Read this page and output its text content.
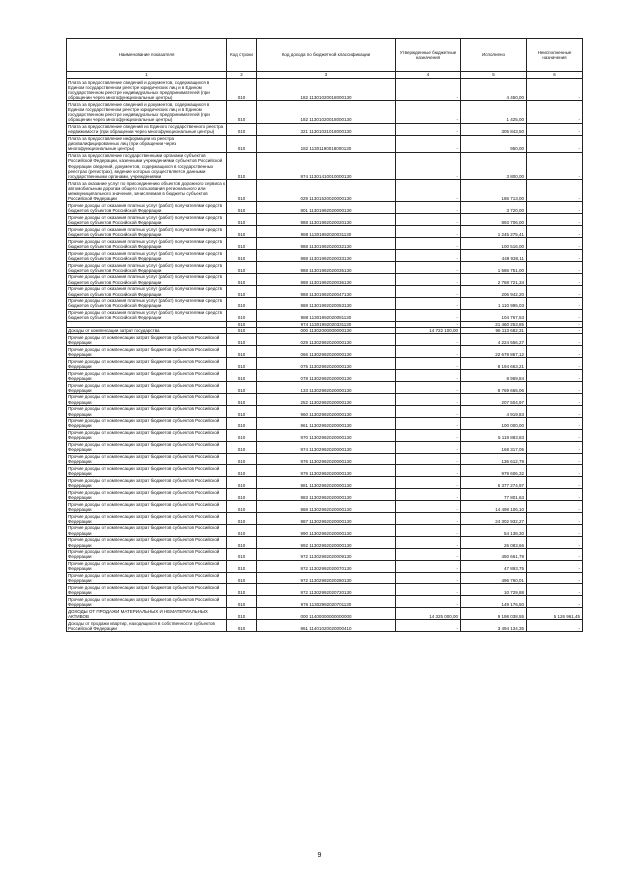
Наименование показателя	Код строки	Код дохода по бюджетной классификации	Утвержденные бюджетные назначения	Исполнено	Неисполненные назначения
1	2	3	4	5	6
Плата за предоставление сведений и документов, содержащихся в Едином государственном реестре юридических лиц и в Едином государственном реестре индивидуальных предпринимателей (при обращении через многофункциональные центры)	010	182 11301020018000130	-	4 450,00	-
Плата за предоставление сведений и документов, содержащихся в Едином государственном реестре юридических лиц и в Едином государственном реестре индивидуальных предпринимателей (при обращении через многофункциональные центры)	010	182 11301020018000130	-	1 425,00	-
Плата за предоставление сведений из Единого государственного реестра недвижимости (при обращении через многофункциональные центры)	010	321 11301031018000130	-	305 843,50	-
Плата за предоставление информации из реестра дисквалифицированных лиц (при обращении через многофункциональные центры)	010	182 11301190018000130	-	950,00	-
Плата за предоставление государственными органами субъектов Российской Федерации, казенными учреждениями субъектов Российской Федерации сведений, документов, содержащихся в государственных реестрах (регистрах), ведение которых осуществляется данными государственными органами, учреждениями	010	974 11301410010000130	-	3 800,00	-
Плата за оказание услуг по присоединению объектов дорожного сервиса к автомобильным дорогам общего пользования регионального или межмуниципального значения, зачисляемая в бюджеты субъектов Российской Федерации	010	029 11301520020000130	-	186 713,00	-
Прочие доходы от оказания платных услуг (работ) получателями средств бюджетов субъектов Российской Федерации	010	801 11301992020000130	-	3 720,00	-
Прочие доходы от оказания платных услуг (работ) получателями средств бюджетов субъектов Российской Федерации	010	988 11301992020020130	-	893 706,00	-
Прочие доходы от оказания платных услуг (работ) получателями средств бюджетов субъектов Российской Федерации	010	988 11301992020031130	-	1 245 275,41	-
Прочие доходы от оказания платных услуг (работ) получателями средств бюджетов субъектов Российской Федерации	010	988 11301992020032130	-	100 516,00	-
Прочие доходы от оказания платных услуг (работ) получателями средств бюджетов субъектов Российской Федерации	010	988 11301992020033130	-	448 938,11	-
Прочие доходы от оказания платных услуг (работ) получателями средств бюджетов субъектов Российской Федерации	010	988 11301992020035130	-	1 586 751,00	-
Прочие доходы от оказания платных услуг (работ) получателями средств бюджетов субъектов Российской Федерации	010	988 11301992020036130	-	2 768 721,34	-
Прочие доходы от оказания платных услуг (работ) получателями средств бюджетов субъектов Российской Федерации	010	988 11301992020047130	-	206 942,20	-
Прочие доходы от оказания платных услуг (работ) получателями средств бюджетов субъектов Российской Федерации	010	988 11301992020053130	-	1 110 995,03	-
Прочие доходы от оказания платных услуг (работ) получателями средств бюджетов субъектов Российской Федерации	010	988 11301992020081130	-	104 767,53	-
	010	974 11301992020331130	-	21 460 253,85	-
Доходы от компенсации затрат государства	010	000 11302000000000130	14 722 100,00	96 113 682,31	-
Прочие доходы от компенсации затрат бюджетов субъектов Российской Федерации	010	029 11302992020000130	-	4 224 556,27	-
Прочие доходы от компенсации затрат бюджетов субъектов Российской Федерации	010	066 11302992020000130	-	22 679 867,12	-
Прочие доходы от компенсации затрат бюджетов субъектов Российской Федерации	010	075 11302992020000130	-	8 194 663,21	-
Прочие доходы от компенсации затрат бюджетов субъектов Российской Федерации	010	078 11302992020000130	-	8 969,84	-
Прочие доходы от компенсации затрат бюджетов субъектов Российской Федерации	010	133 11302992020000130	-	8 769 665,06	-
Прочие доходы от компенсации затрат бюджетов субъектов Российской Федерации	010	252 11302992020000130	-	207 504,97	-
Прочие доходы от компенсации затрат бюджетов субъектов Российской Федерации	010	960 11302992020000130	-	4 919,83	-
Прочие доходы от компенсации затрат бюджетов субъектов Российской Федерации	010	961 11302992020000130	-	100 000,00	-
Прочие доходы от компенсации затрат бюджетов субъектов Российской Федерации	010	970 11302992020000130	-	5 119 883,83	-
Прочие доходы от компенсации затрат бюджетов субъектов Российской Федерации	010	974 11302992020000130	-	168 317,05	-
Прочие доходы от компенсации затрат бюджетов субъектов Российской Федерации	010	976 11302992020000130	-	136 612,79	-
Прочие доходы от компенсации затрат бюджетов субъектов Российской Федерации	010	979 11302992020000130	-	979 606,32	-
Прочие доходы от компенсации затрат бюджетов субъектов Российской Федерации	010	981 11302992020000130	-	5 377 274,97	-
Прочие доходы от компенсации затрат бюджетов субъектов Российской Федерации	010	983 11302992020000130	-	77 801,63	-
Прочие доходы от компенсации затрат бюджетов субъектов Российской Федерации	010	988 11302992020000130	-	14 498 106,10	-
Прочие доходы от компенсации затрат бюджетов субъектов Российской Федерации	010	987 11302992020000130	-	24 302 932,27	-
Прочие доходы от компенсации затрат бюджетов субъектов Российской Федерации	010	990 11302992020000130	-	54 138,30	-
Прочие доходы от компенсации затрат бюджетов субъектов Российской Федерации	010	992 11302992020000130	-	26 083,66	-
Прочие доходы от компенсации затрат бюджетов субъектов Российской Федерации	010	972 11302992020009130	-	450 661,79	-
Прочие доходы от компенсации затрат бюджетов субъектов Российской Федерации	010	972 11302992020070130	-	47 893,75	-
Прочие доходы от компенсации затрат бюджетов субъектов Российской Федерации	010	972 11302992020280130	-	496 760,01	-
Прочие доходы от компенсации затрат бюджетов субъектов Российской Федерации	010	972 11302992020720130	-	10 729,88	-
Прочие доходы от компенсации затрат бюджетов субъектов Российской Федерации	010	976 11302992020701130	-	149 176,50	-
ДОХОДЫ ОТ ПРОДАЖИ МАТЕРИАЛЬНЫХ И НЕМАТЕРИАЛЬНЫХ АКТИВОВ	010	000 11400000000000000	14 325 000,00	9 198 038,55	5 126 961,45
Доходы от продажи квартир, находящихся в собственности субъектов Российской Федерации	010	861 11401020020000410	-	3 494 134,35	-
9
